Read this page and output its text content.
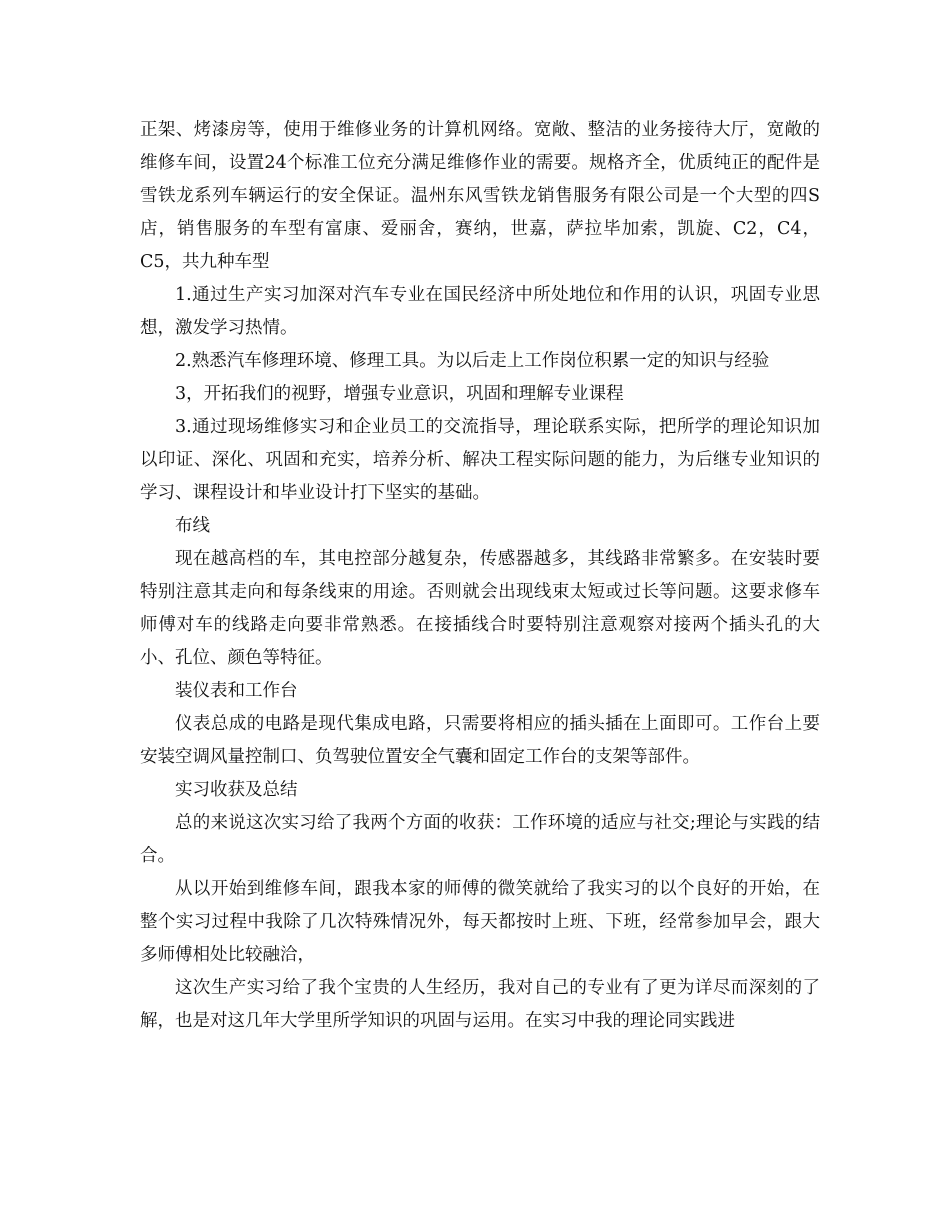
正架、烤漆房等，使用于维修业务的计算机网络。宽敞、整洁的业务接待大厅，宽敞的维修车间，设置24个标准工位充分满足维修作业的需要。规格齐全，优质纯正的配件是雪铁龙系列车辆运行的安全保证。温州东风雪铁龙销售服务有限公司是一个大型的四S店，销售服务的车型有富康、爱丽舍，赛纳，世嘉，萨拉毕加索，凯旋、C2，C4，C5，共九种车型

1.通过生产实习加深对汽车专业在国民经济中所处地位和作用的认识，巩固专业思想，激发学习热情。

2.熟悉汽车修理环境、修理工具。为以后走上工作岗位积累一定的知识与经验

3，开拓我们的视野，增强专业意识，巩固和理解专业课程

3.通过现场维修实习和企业员工的交流指导，理论联系实际，把所学的理论知识加以印证、深化、巩固和充实，培养分析、解决工程实际问题的能力，为后继专业知识的学习、课程设计和毕业设计打下坚实的基础。

布线

现在越高档的车，其电控部分越复杂，传感器越多，其线路非常繁多。在安装时要特别注意其走向和每条线束的用途。否则就会出现线束太短或过长等问题。这要求修车师傅对车的线路走向要非常熟悉。在接插线合时要特别注意观察对接两个插头孔的大小、孔位、颜色等特征。

装仪表和工作台

仪表总成的电路是现代集成电路，只需要将相应的插头插在上面即可。工作台上要安装空调风量控制口、负驾驶位置安全气囊和固定工作台的支架等部件。

实习收获及总结

总的来说这次实习给了我两个方面的收获：工作环境的适应与社交;理论与实践的结合。

从以开始到维修车间，跟我本家的师傅的微笑就给了我实习的以个良好的开始，在整个实习过程中我除了几次特殊情况外，每天都按时上班、下班，经常参加早会，跟大多师傅相处比较融洽，

这次生产实习给了我个宝贵的人生经历，我对自己的专业有了更为详尽而深刻的了解，也是对这几年大学里所学知识的巩固与运用。在实习中我的理论同实践进
